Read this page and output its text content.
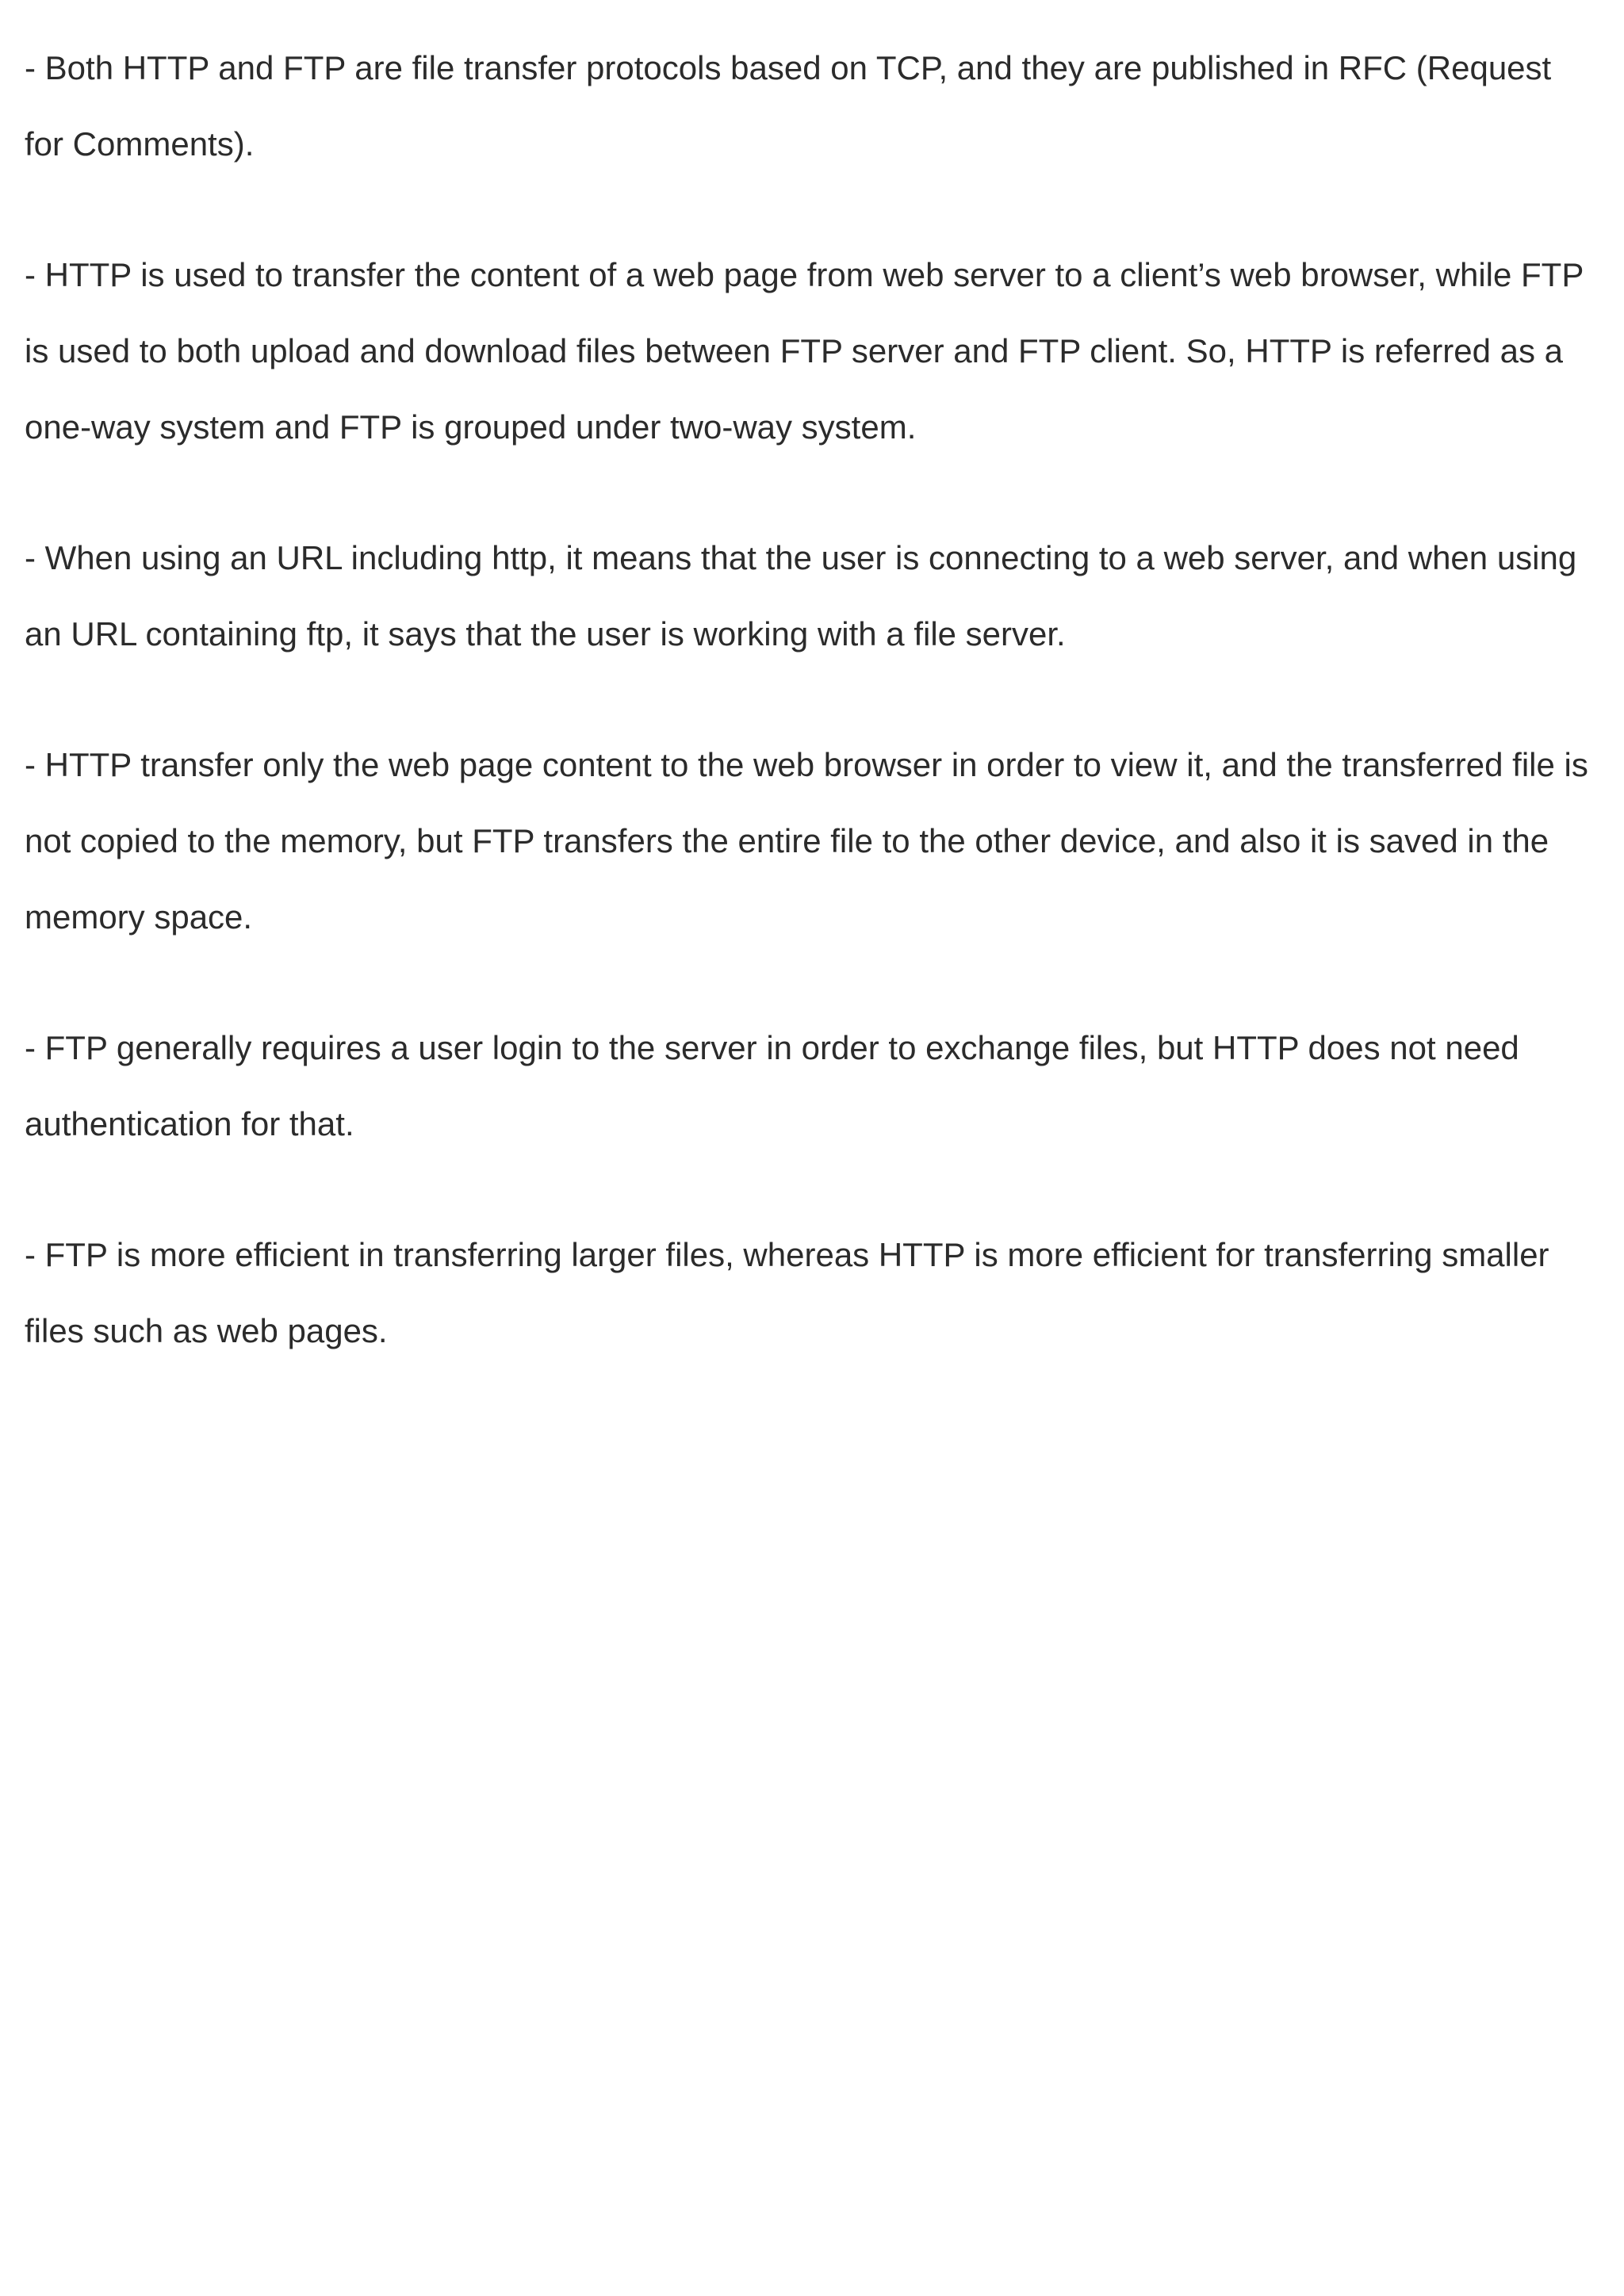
- Both HTTP and FTP are file transfer protocols based on TCP, and they are published in RFC (Request
for Comments).

- HTTP is used to transfer the content of a web page from web server to a client’s web browser, while FTP
is used to both upload and download files between FTP server and FTP client. So, HTTP is referred as a
one-way system and FTP is grouped under two-way system.

- When using an URL including http, it means that the user is connecting to a web server, and when using
an URL containing ftp, it says that the user is working with a file server.

- HTTP transfer only the web page content to the web browser in order to view it, and the transferred file is
not copied to the memory, but FTP transfers the entire file to the other device, and also it is saved in the
memory space.

- FTP generally requires a user login to the server in order to exchange files, but HTTP does not need
authentication for that.

- FTP is more efficient in transferring larger files, whereas HTTP is more efficient for transferring smaller
files such as web pages.
